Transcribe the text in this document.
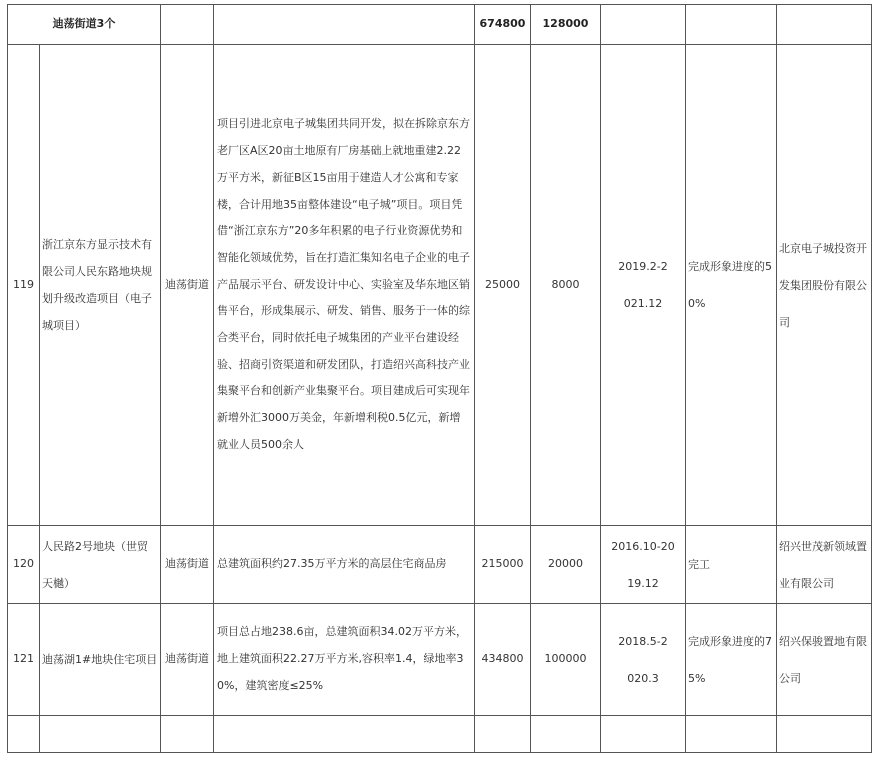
迪荡街道3个				674800	128000			
119	浙江京东方显示技术有限公司人民东路地块规划升级改造项目（电子城项目）	迪荡街道	项目引进北京电子城集团共同开发，拟在拆除京东方老厂区A区20亩土地原有厂房基础上就地重建2.22万平方米，新征B区15亩用于建造人才公寓和专家楼，合计用地35亩整体建设“电子城”项目。项目凭借“浙江京东方”20多年积累的电子行业资源优势和智能化领域优势，旨在打造汇集知名电子企业的电子产品展示平台、研发设计中心、实验室及华东地区销售平台，形成集展示、研发、销售、服务于一体的综合类平台，同时依托电子城集团的产业平台建设经验、招商引资渠道和研发团队，打造绍兴高科技产业集聚平台和创新产业集聚平台。项目建成后可实现年新增外汇3000万美金，年新增利税0.5亿元，新增就业人员500余人	25000	8000	2019.2-2021.12	完成形象进度的50%	北京电子城投资开发集团股份有限公司
120	人民路2号地块（世贸天樾）	迪荡街道	总建筑面积约27.35万平方米的高层住宅商品房	215000	20000	2016.10-2019.12	完工	绍兴世茂新领域置业有限公司
121	迪荡湖1#地块住宅项目	迪荡街道	项目总占地238.6亩，总建筑面积34.02万平方米，地上建筑面积22.27万平方米,容积率1.4，绿地率30%，建筑密度≤25%	434800	100000	2018.5-2020.3	完成形象进度的75%	绍兴保骏置地有限公司
